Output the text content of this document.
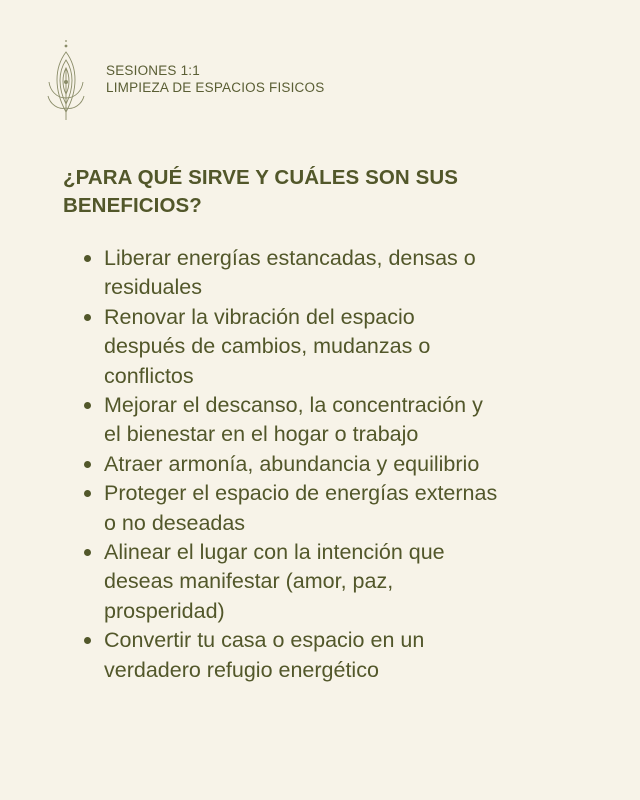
SESIONES 1:1
LIMPIEZA DE ESPACIOS FISICOS
¿PARA QUÉ SIRVE Y CUÁLES SON SUS
BENEFICIOS?
Liberar energías estancadas, densas o
residuales
Renovar la vibración del espacio
después de cambios, mudanzas o
conflictos
Mejorar el descanso, la concentración y
el bienestar en el hogar o trabajo
Atraer armonía, abundancia y equilibrio
Proteger el espacio de energías externas
o no deseadas
Alinear el lugar con la intención que
deseas manifestar (amor, paz,
prosperidad)
Convertir tu casa o espacio en un
verdadero refugio energético
